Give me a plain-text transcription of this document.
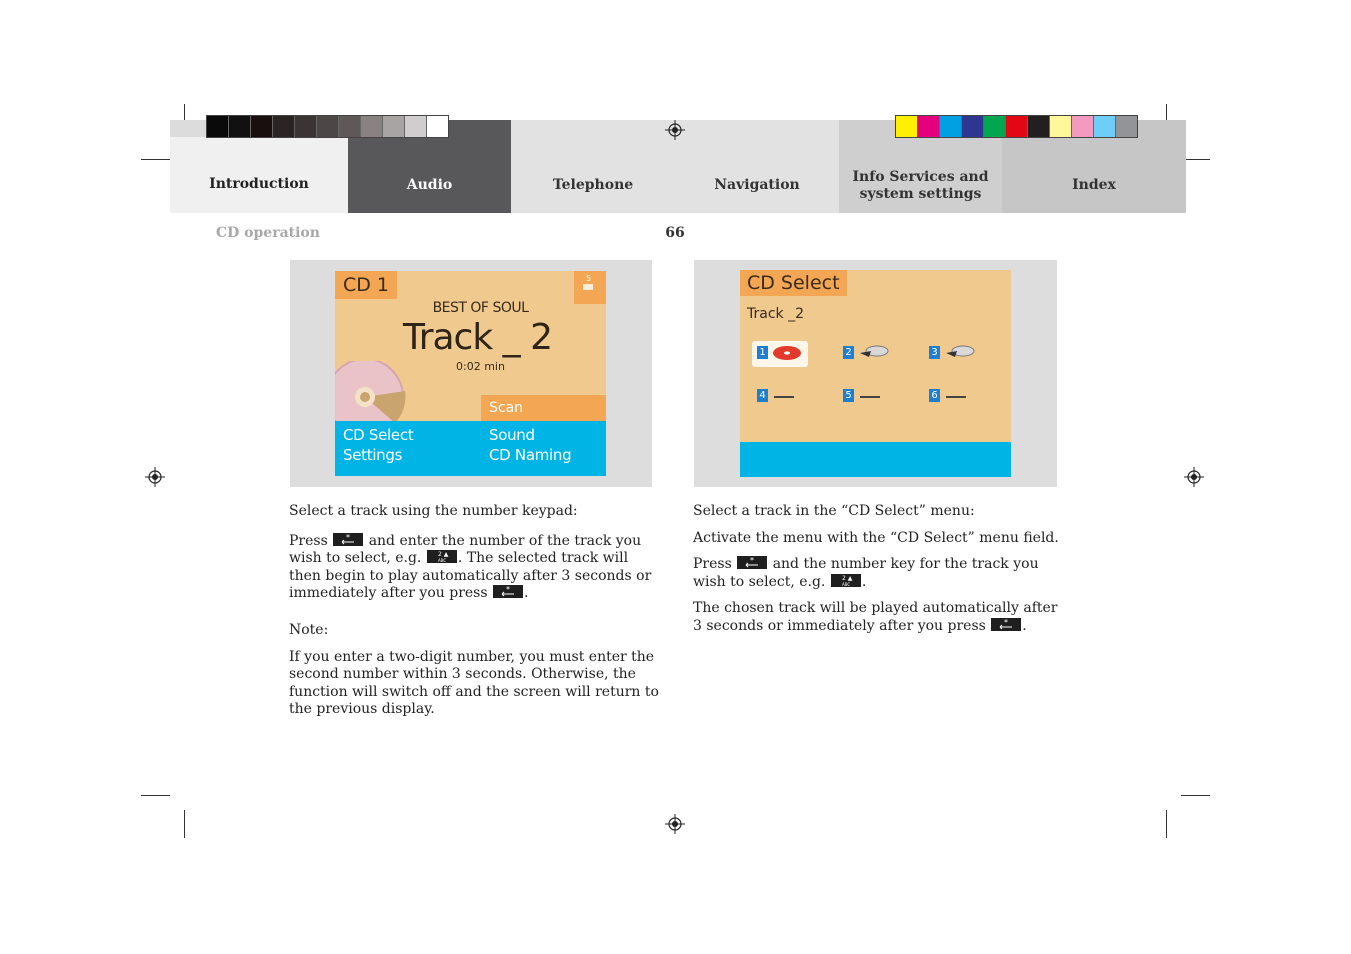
Introduction	Audio	Telephone	Navigation	Info Services and
system settings
Index
CD operation	66
CD 1	5
BEST OF SOUL
Track _ 2
0:02 min
Scan
CD Select	Sound
Settings	CD Naming
CD Select
Track _2
1	2	3
4	5	6

Select a track using the number keypad:

Press * and enter the number of the track you wish to select, e.g.	2 ▲
ABC . The selected track will then begin to play automatically after 3 seconds or immediately after you press * .

Note:

If you enter a two-digit number, you must enter the second number within 3 seconds. Otherwise, the function will switch off and the screen will return to the previous display.

Select a track in the “CD Select” menu:

Activate the menu with the “CD Select” menu field.

Press * and the number key for the track you wish to select, e.g.	2 ▲
ABC .

The chosen track will be played automatically after 3 seconds or immediately after you press * .
